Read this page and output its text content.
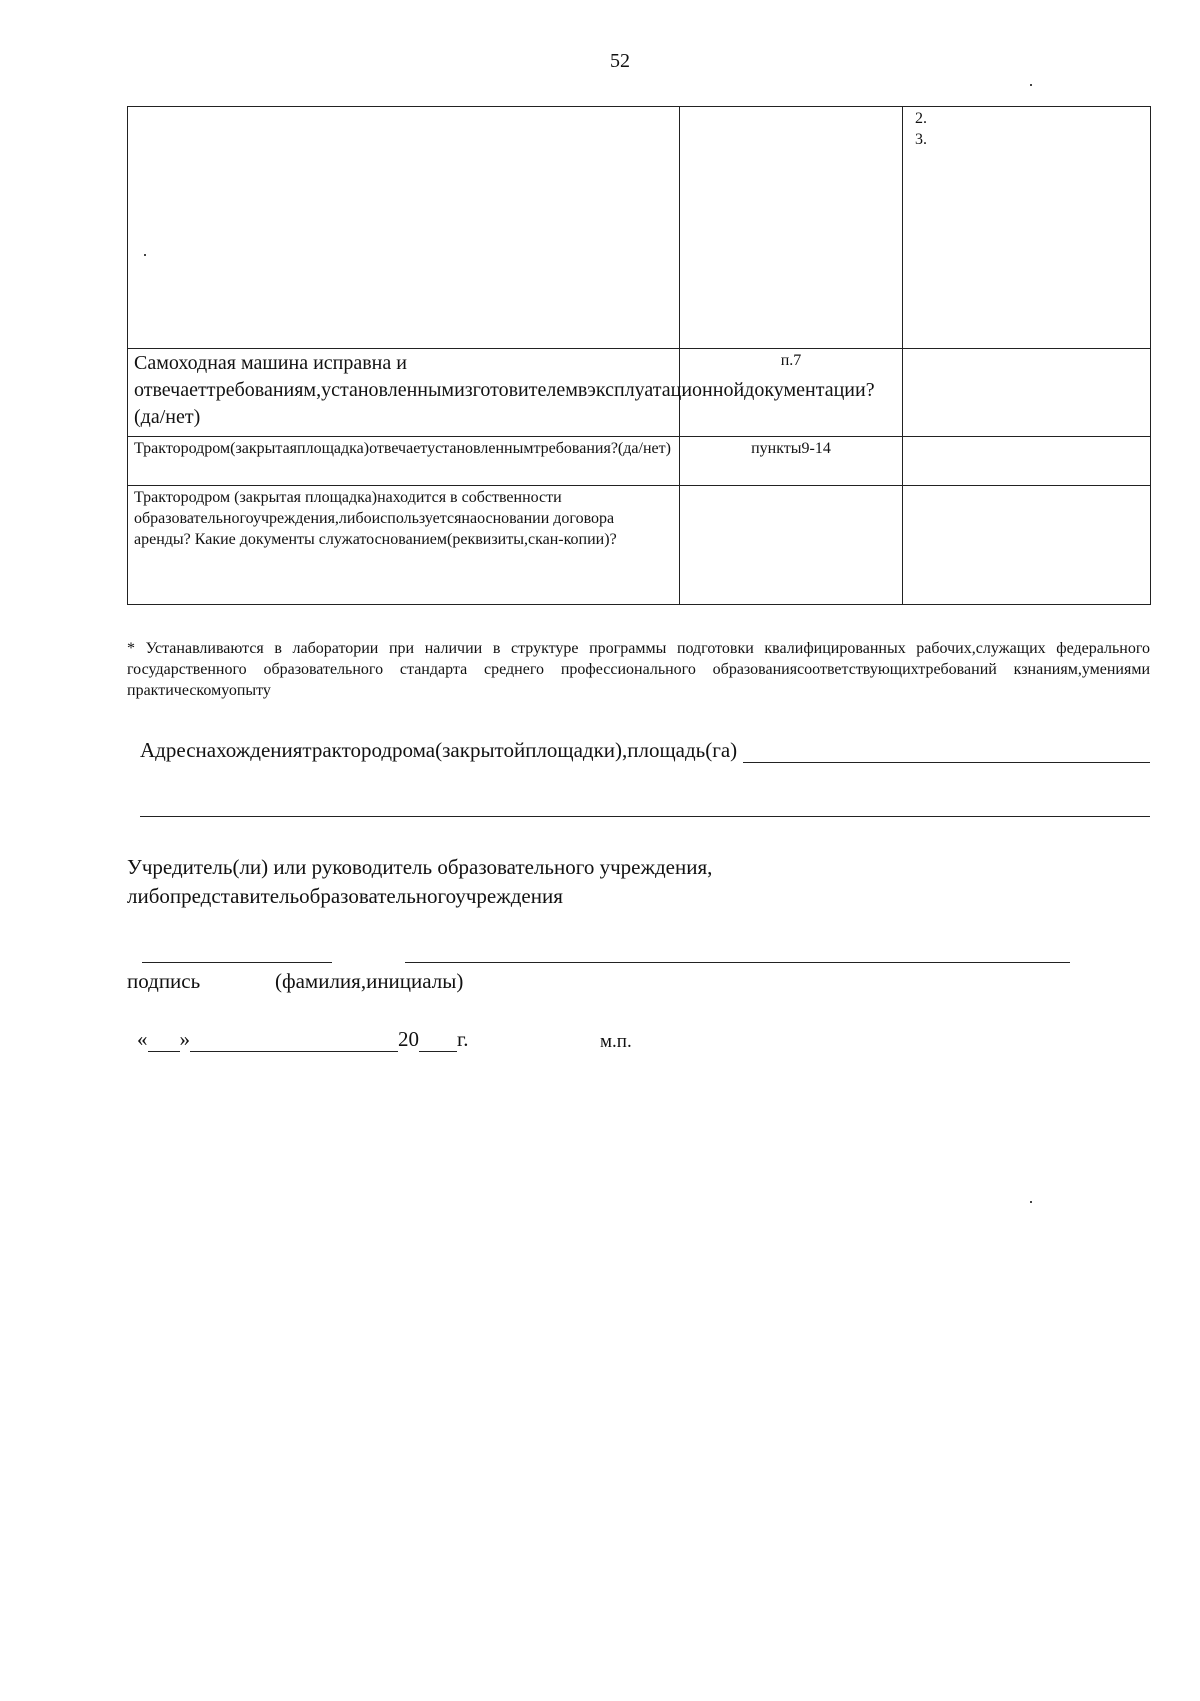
52

		2.
3.

Самоходная машина исправна и отвечаеттребованиям,установленнымизготовителемвэксплуатационнойдокументации?(да/нет)	п.7	
Трактородром(закрытаяплощадка)отвечаетустановленнымтребования?(да/нет)	пункты9-14	
Трактородром (закрытая площадка)находится в собственности образовательногоучреждения,либоиспользуетсянаосновании договора аренды? Какие документы служатоснованием(реквизиты,скан-копии)?		
* Устанавливаются в лаборатории при наличии в структуре программы подготовки квалифицированных рабочих,служащих федерального государственного образовательного стандарта среднего профессионального образованиясоответствующихтребований кзнаниям,умениями практическомуопыту
Адреснахождениятрактородрома(закрытойплощадки),площадь(га)
Учредитель(ли) или руководитель образовательного учреждения,
либопредставительобразовательногоучреждения
подпись	(фамилия,инициалы)
« »	20 г.	м.п.
